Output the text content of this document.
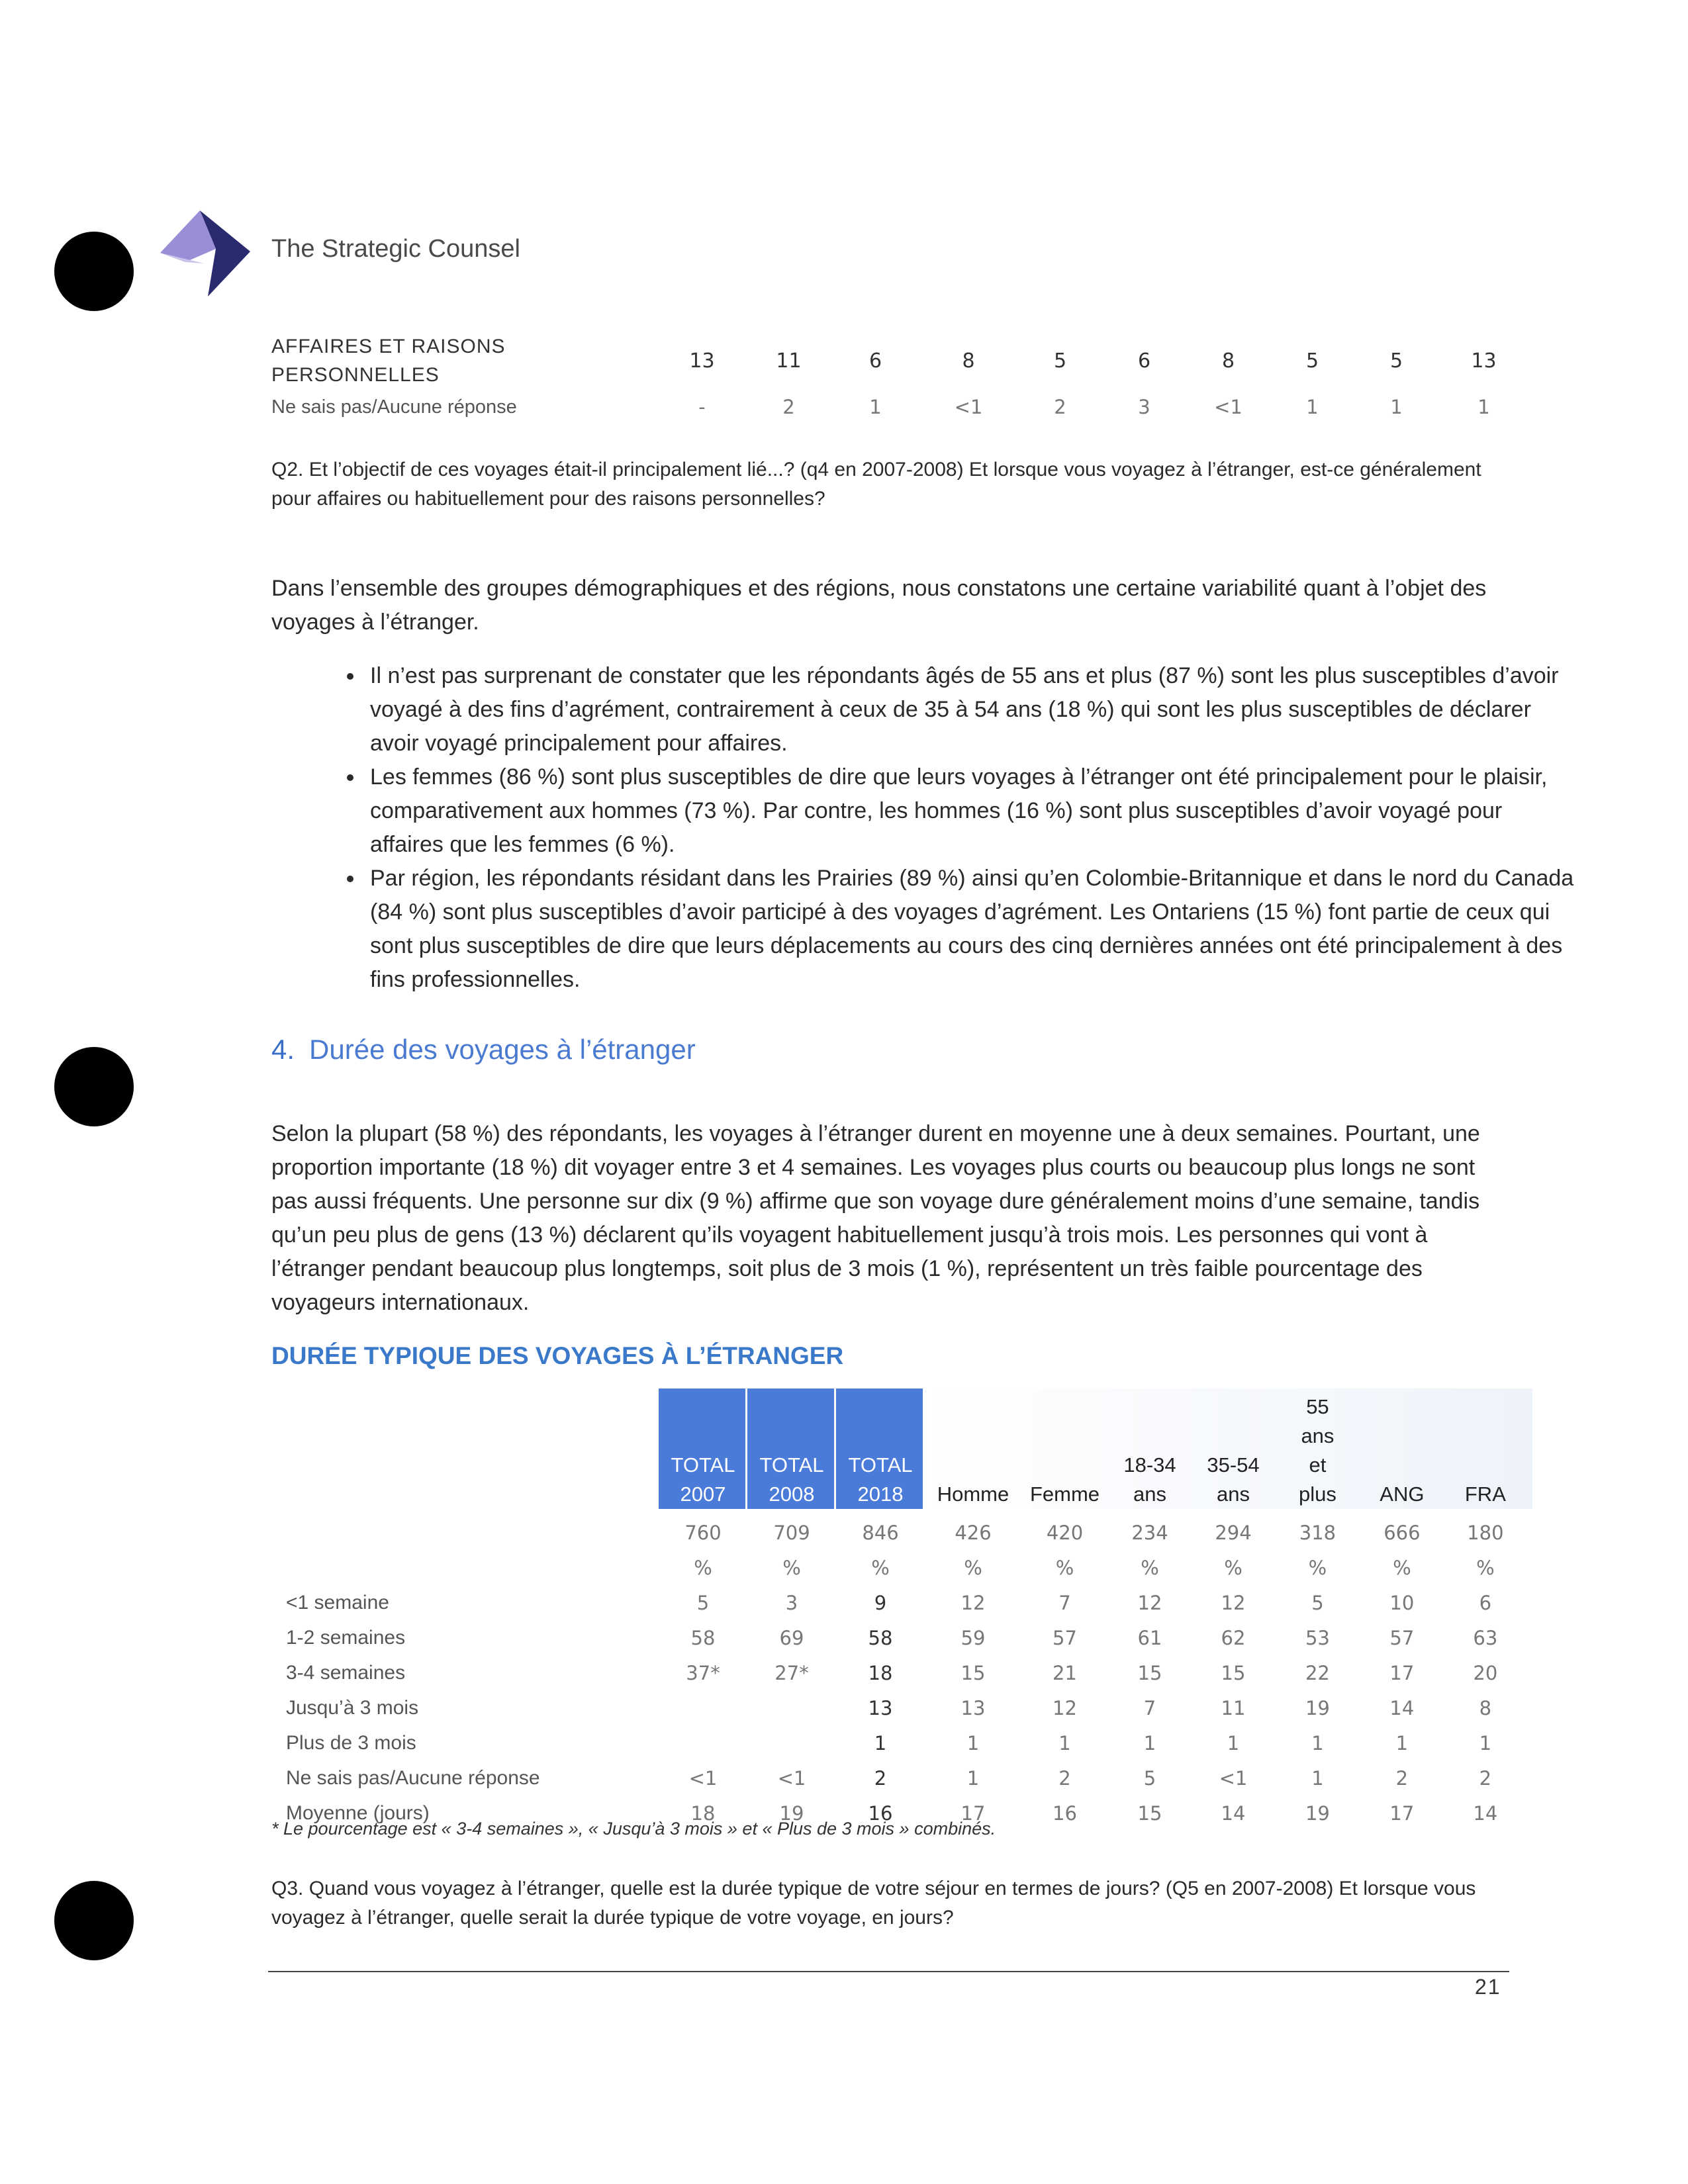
The Strategic Counsel
AFFAIRES ET RAISONS PERSONNELLES	13	11	6	8	5	6	8	5	5	13
Ne sais pas/Aucune réponse	-	2	1	<1	2	3	<1	1	1	1
Q2. Et l’objectif de ces voyages était-il principalement lié...? (q4 en 2007-2008) Et lorsque vous voyagez à l’étranger, est-ce généralement pour affaires ou habituellement pour des raisons personnelles?
Dans l’ensemble des groupes démographiques et des régions, nous constatons une certaine variabilité quant à l’objet des voyages à l’étranger.
• Il n’est pas surprenant de constater que les répondants âgés de 55 ans et plus (87 %) sont les plus susceptibles d’avoir voyagé à des fins d’agrément, contrairement à ceux de 35 à 54 ans (18 %) qui sont les plus susceptibles de déclarer avoir voyagé principalement pour affaires.
• Les femmes (86 %) sont plus susceptibles de dire que leurs voyages à l’étranger ont été principalement pour le plaisir, comparativement aux hommes (73 %). Par contre, les hommes (16 %) sont plus susceptibles d’avoir voyagé pour affaires que les femmes (6 %).
• Par région, les répondants résidant dans les Prairies (89 %) ainsi qu’en Colombie-Britannique et dans le nord du Canada (84 %) sont plus susceptibles d’avoir participé à des voyages d’agrément. Les Ontariens (15 %) font partie de ceux qui sont plus susceptibles de dire que leurs déplacements au cours des cinq dernières années ont été principalement à des fins professionnelles.
4. Durée des voyages à l’étranger
Selon la plupart (58 %) des répondants, les voyages à l’étranger durent en moyenne une à deux semaines. Pourtant, une proportion importante (18 %) dit voyager entre 3 et 4 semaines. Les voyages plus courts ou beaucoup plus longs ne sont pas aussi fréquents. Une personne sur dix (9 %) affirme que son voyage dure généralement moins d’une semaine, tandis qu’un peu plus de gens (13 %) déclarent qu’ils voyagent habituellement jusqu’à trois mois. Les personnes qui vont à l’étranger pendant beaucoup plus longtemps, soit plus de 3 mois (1 %), représentent un très faible pourcentage des voyageurs internationaux.
DURÉE TYPIQUE DES VOYAGES À L’ÉTRANGER
	TOTAL 2007	TOTAL 2008	TOTAL 2018	Homme	Femme	18-34 ans	35-54 ans	55 ans et plus	ANG	FRA
	760	709	846	426	420	234	294	318	666	180
	%	%	%	%	%	%	%	%	%	%
<1 semaine	5	3	9	12	7	12	12	5	10	6
1-2 semaines	58	69	58	59	57	61	62	53	57	63
3-4 semaines	37*	27*	18	15	21	15	15	22	17	20
Jusqu’à 3 mois			13	13	12	7	11	19	14	8
Plus de 3 mois			1	1	1	1	1	1	1	1
Ne sais pas/Aucune réponse	<1	<1	2	1	2	5	<1	1	2	2
Moyenne (jours)	18	19	16	17	16	15	14	19	17	14
* Le pourcentage est « 3-4 semaines », « Jusqu’à 3 mois » et « Plus de 3 mois » combinés.
Q3. Quand vous voyagez à l’étranger, quelle est la durée typique de votre séjour en termes de jours? (Q5 en 2007-2008) Et lorsque vous voyagez à l’étranger, quelle serait la durée typique de votre voyage, en jours?
21
